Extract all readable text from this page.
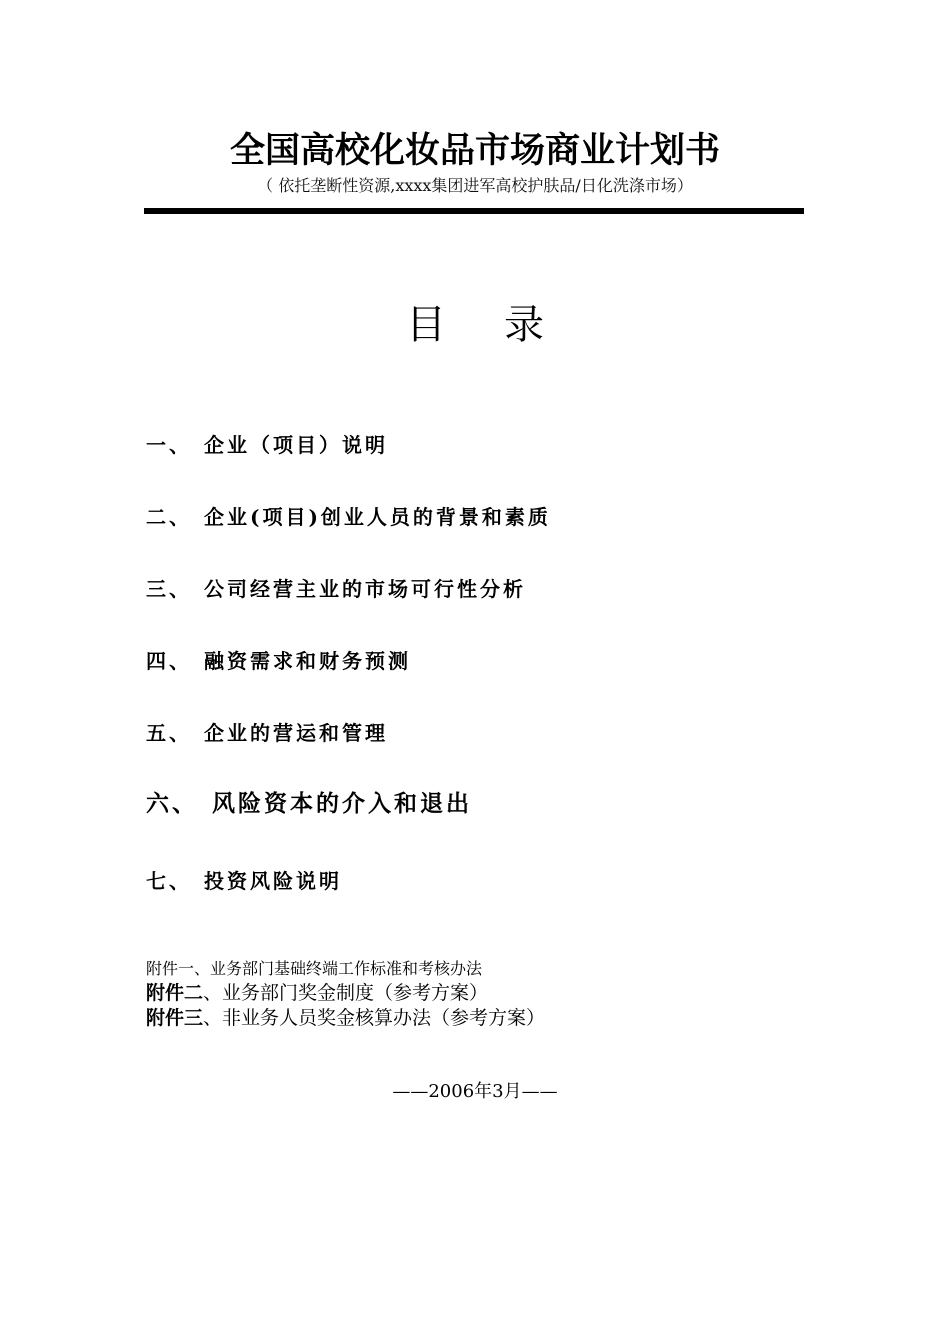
全国高校化妆品市场商业计划书
（ 依托垄断性资源,xxxx集团进军高校护肤品/日化洗涤市场）
目录
一、 企业（项目）说明
二、 企业(项目)创业人员的背景和素质
三、 公司经营主业的市场可行性分析
四、 融资需求和财务预测
五、 企业的营运和管理
六、 风险资本的介入和退出
七、 投资风险说明
附件一、业务部门基础终端工作标准和考核办法
附件二、业务部门奖金制度（参考方案）
附件三、非业务人员奖金核算办法（参考方案）
——2006年3月——
